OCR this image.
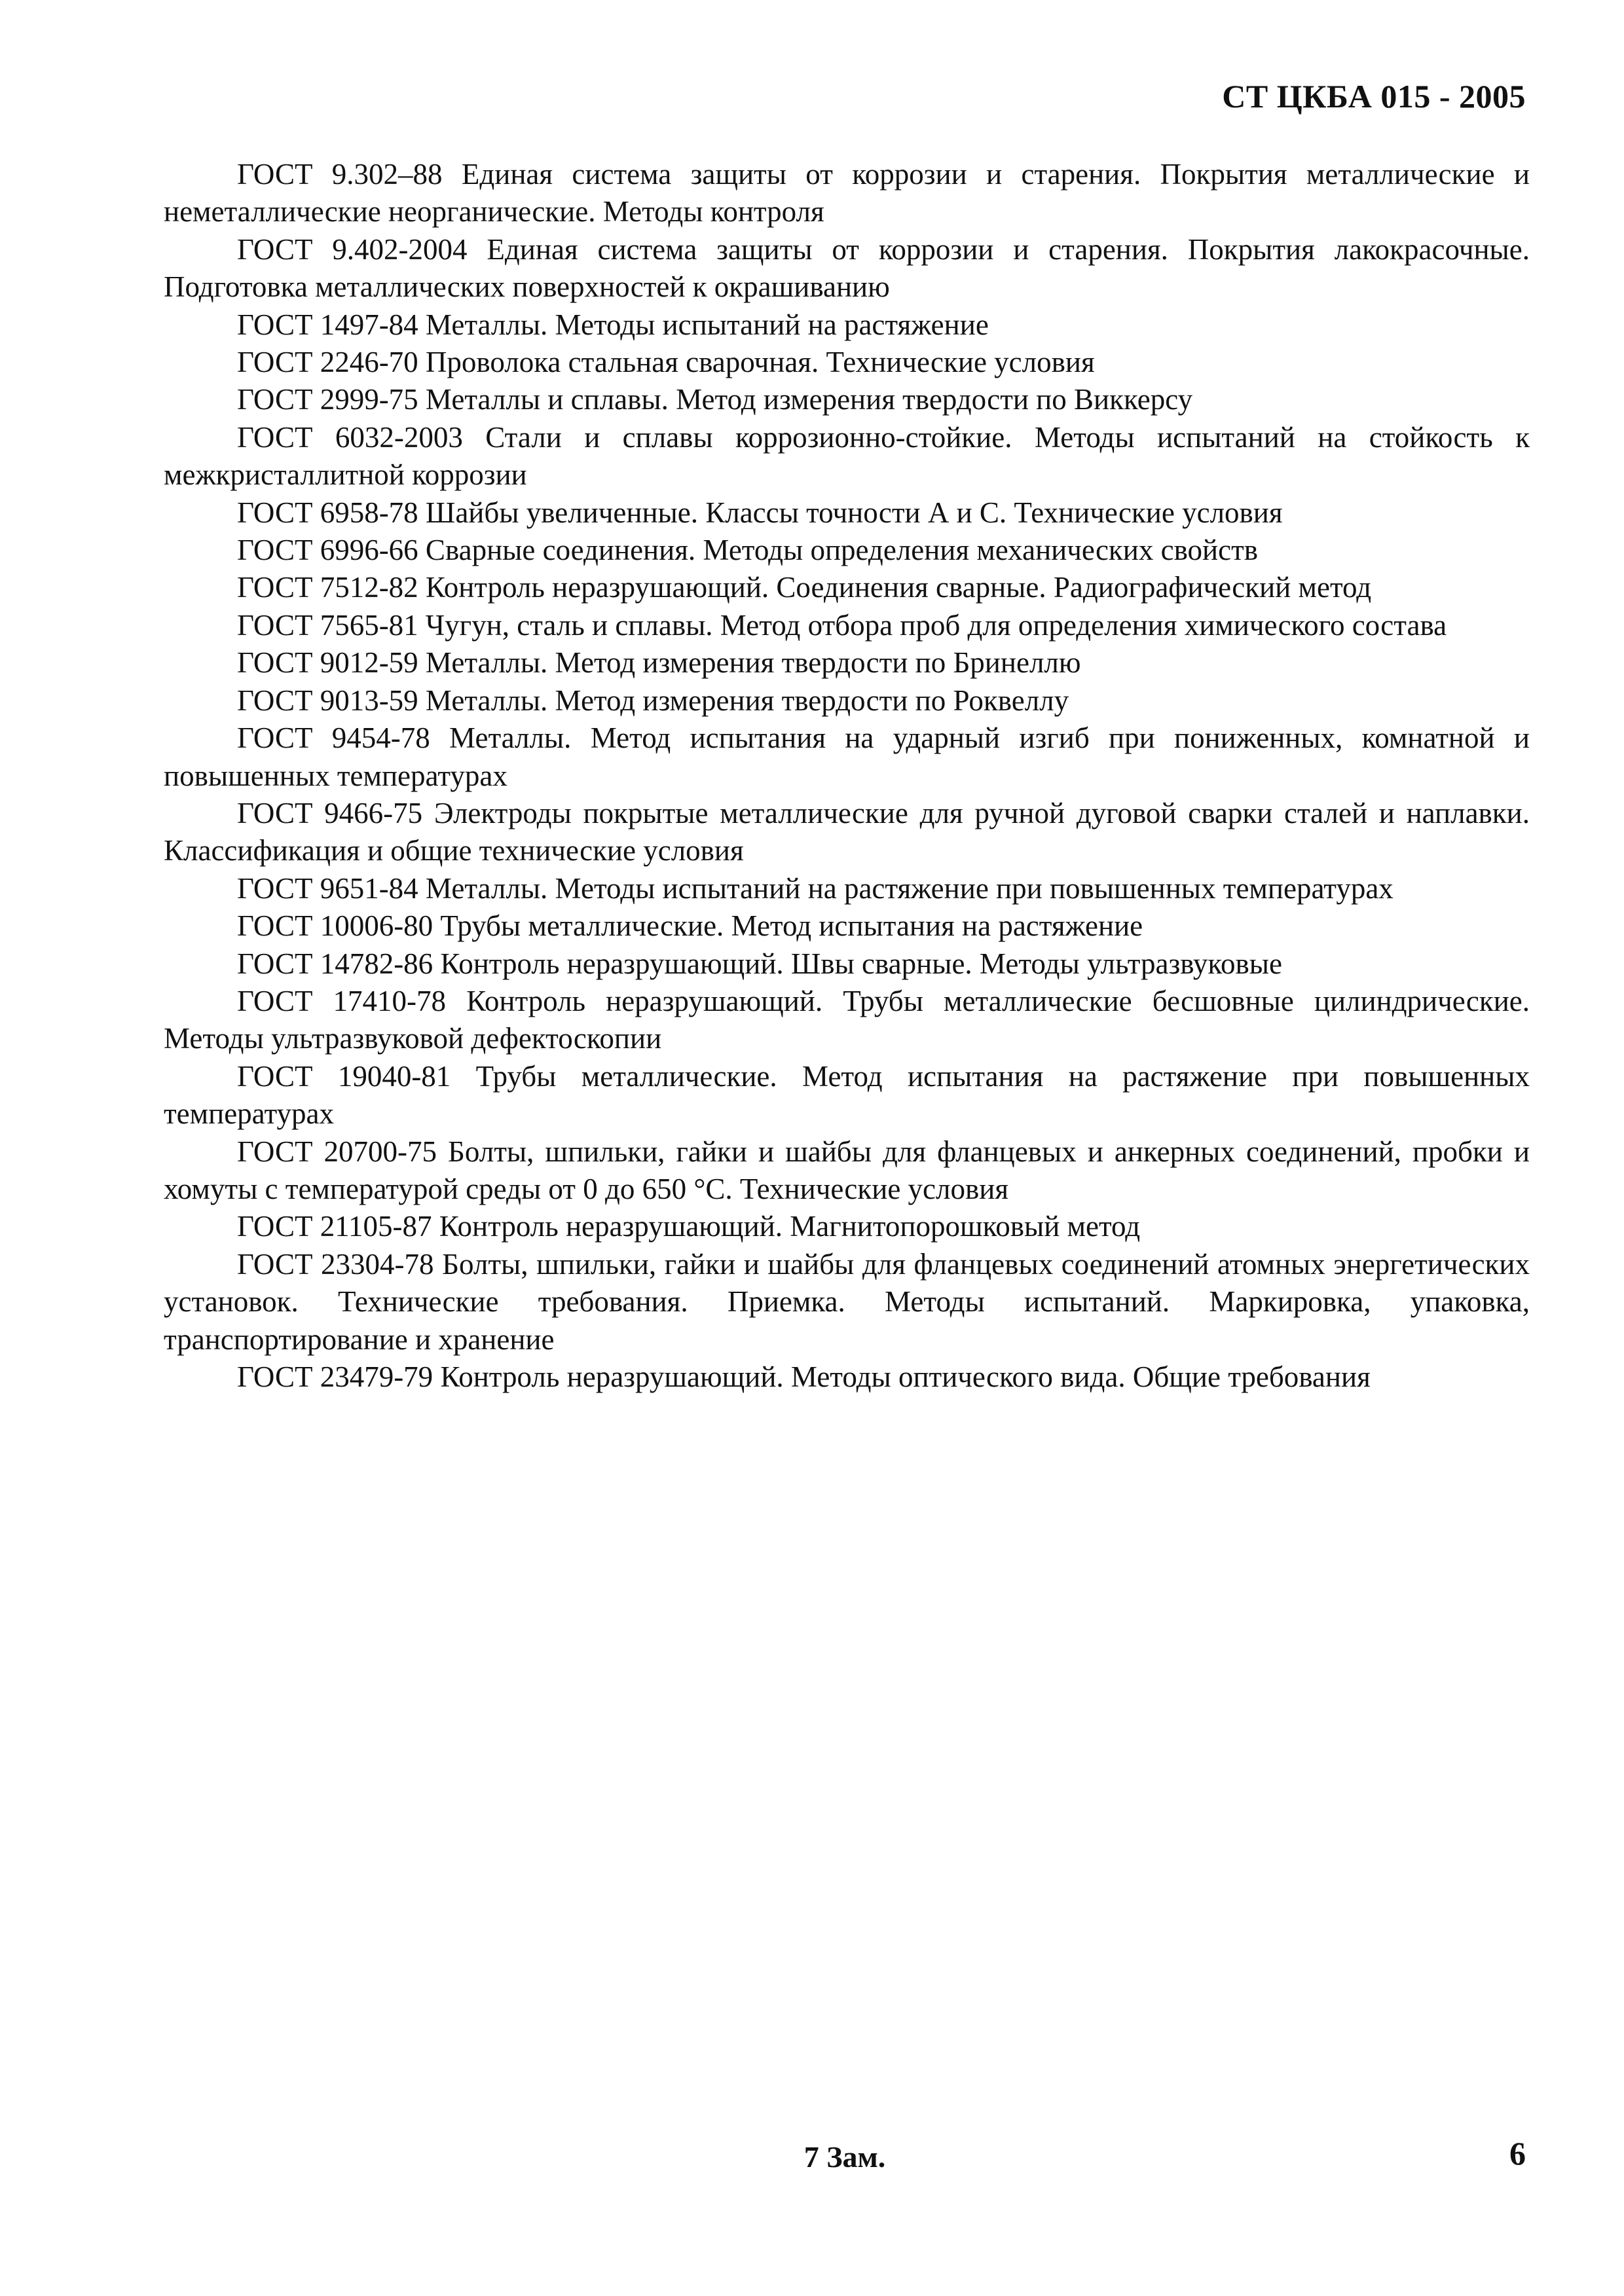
СТ ЦКБА 015 - 2005

ГОСТ 9.302–88 Единая система защиты от коррозии и старения. Покрытия металлические и неметаллические неорганические. Методы контроля

ГОСТ 9.402-2004 Единая система защиты от коррозии и старения. Покрытия лакокрасочные. Подготовка металлических поверхностей к окрашиванию

ГОСТ 1497-84 Металлы. Методы испытаний на растяжение

ГОСТ 2246-70 Проволока стальная сварочная. Технические условия

ГОСТ 2999-75 Металлы и сплавы. Метод измерения твердости по Виккерсу

ГОСТ 6032-2003 Стали и сплавы коррозионно-стойкие. Методы испытаний на стойкость к межкристаллитной коррозии

ГОСТ 6958-78 Шайбы увеличенные. Классы точности А и С. Технические условия

ГОСТ 6996-66 Сварные соединения. Методы определения механических свойств

ГОСТ 7512-82 Контроль неразрушающий. Соединения сварные. Радиографический метод

ГОСТ 7565-81 Чугун, сталь и сплавы. Метод отбора проб для определения химического состава

ГОСТ 9012-59 Металлы. Метод измерения твердости по Бринеллю

ГОСТ 9013-59 Металлы. Метод измерения твердости по Роквеллу

ГОСТ 9454-78 Металлы. Метод испытания на ударный изгиб при пониженных, комнатной и повышенных температурах

ГОСТ 9466-75 Электроды покрытые металлические для ручной дуговой сварки сталей и наплавки. Классификация и общие технические условия

ГОСТ 9651-84 Металлы. Методы испытаний на растяжение при повышенных температурах

ГОСТ 10006-80 Трубы металлические. Метод испытания на растяжение

ГОСТ 14782-86 Контроль неразрушающий. Швы сварные. Методы ультразвуковые

ГОСТ 17410-78 Контроль неразрушающий. Трубы металлические бесшовные цилиндрические. Методы ультразвуковой дефектоскопии

ГОСТ 19040-81 Трубы металлические. Метод испытания на растяжение при повышенных температурах

ГОСТ 20700-75 Болты, шпильки, гайки и шайбы для фланцевых и анкерных соединений, пробки и хомуты с температурой среды от 0 до 650 °С. Технические условия

ГОСТ 21105-87 Контроль неразрушающий. Магнитопорошковый метод

ГОСТ 23304-78 Болты, шпильки, гайки и шайбы для фланцевых соединений атомных энергетических установок. Технические требования. Приемка. Методы испытаний. Маркировка, упаковка, транспортирование и хранение

ГОСТ 23479-79 Контроль неразрушающий. Методы оптического вида. Общие требования

7 Зам.	6
